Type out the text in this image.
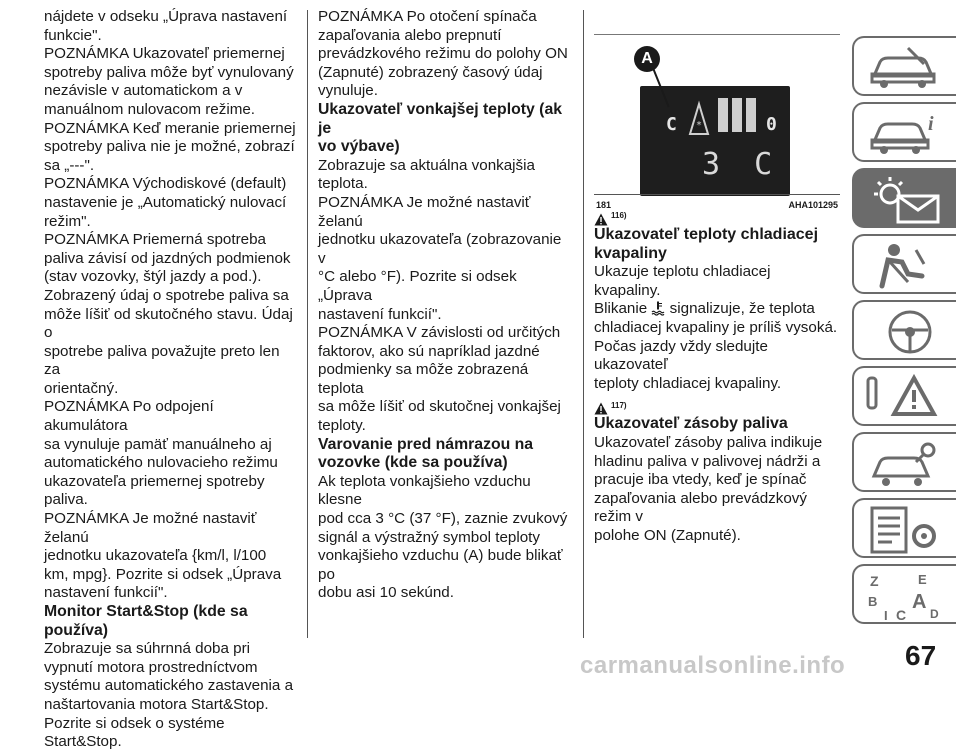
nájdete v odseku „Úprava nastavení

funkcie".

POZNÁMKA Ukazovateľ priemernej

spotreby paliva môže byť vynulovaný

nezávisle v automatickom a v

manuálnom nulovacom režime.

POZNÁMKA Keď meranie priemernej

spotreby paliva nie je možné, zobrazí

sa „---".

POZNÁMKA Východiskové (default)

nastavenie je „Automatický nulovací

režim".

POZNÁMKA Priemerná spotreba

paliva závisí od jazdných podmienok

(stav vozovky, štýl jazdy a pod.).

Zobrazený údaj o spotrebe paliva sa

môže líšiť od skutočného stavu. Údaj o

spotrebe paliva považujte preto len za

orientačný.

POZNÁMKA Po odpojení akumulátora

sa vynuluje pamäť manuálneho aj

automatického nulovacieho režimu

ukazovateľa priemernej spotreby paliva.

POZNÁMKA Je možné nastaviť želanú

jednotku ukazovateľa {km/l, l/100

km, mpg}. Pozrite si odsek „Úprava

nastavení funkcií".

Monitor Start&Stop (kde sa
používa)

Zobrazuje sa súhrnná doba pri

vypnutí motora prostredníctvom

systému automatického zastavenia a

naštartovania motora Start&Stop.

Pozrite si odsek o systéme Start&Stop.

POZNÁMKA Po otočení spínača

zapaľovania alebo prepnutí

prevádzkového režimu do polohy ON

(Zapnuté) zobrazený časový údaj

vynuluje.

Ukazovateľ vonkajšej teploty (ak je
vo výbave)

Zobrazuje sa aktuálna vonkajšia

teplota.

POZNÁMKA Je možné nastaviť želanú

jednotku ukazovateľa (zobrazovanie v

°C alebo °F). Pozrite si odsek „Úprava

nastavení funkcií".

POZNÁMKA V závislosti od určitých

faktorov, ako sú napríklad jazdné

podmienky sa môže zobrazená teplota

sa môže líšiť od skutočnej vonkajšej

teploty.

Varovanie pred námrazou na
vozovke (kde sa používa)

Ak teplota vonkajšieho vzduchu klesne

pod cca 3 °C (37 °F), zaznie zvukový

signál a výstražný symbol teploty

vonkajšieho vzduchu (A) bude blikať po

dobu asi 10 sekúnd.

C *	0
3 C
A
181	AHA101295
116)
Ukazovateľ teploty chladiacej
kvapaliny

Ukazuje teplotu chladiacej kvapaliny.

Blikanie signalizuje, že teplota

chladiacej kvapaliny je príliš vysoká.

Počas jazdy vždy sledujte ukazovateľ

teploty chladiacej kvapaliny.

117)
Ukazovateľ zásoby paliva

Ukazovateľ zásoby paliva indikuje

hladinu paliva v palivovej nádrži a

pracuje iba vtedy, keď je spínač

zapaľovania alebo prevádzkový režim v

polohe ON (Zapnuté).

i
Z	E
B A
I C D
carmanualsonline.info 67
